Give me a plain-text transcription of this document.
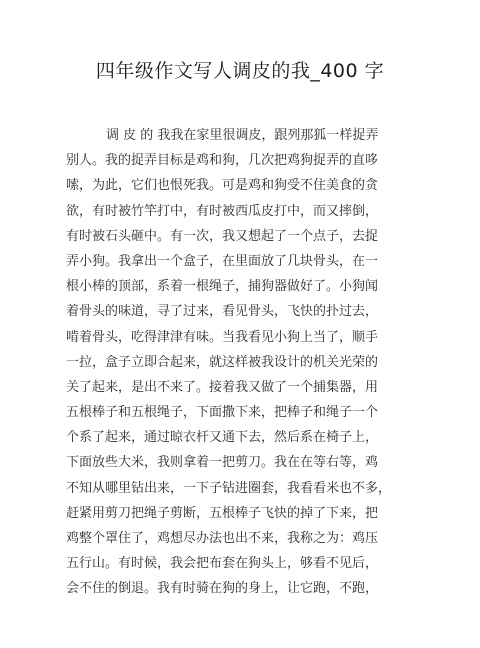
四年级作文写人调皮的我_400 字
调 皮 的 我我在家里很调皮，跟列那狐一样捉弄
别人。我的捉弄目标是鸡和狗，几次把鸡狗捉弄的直哆
嗦，为此，它们也恨死我。可是鸡和狗受不住美食的贪
欲，有时被竹竿打中，有时被西瓜皮打中，而又摔倒，
有时被石头砸中。有一次，我又想起了一个点子，去捉
弄小狗。我拿出一个盒子，在里面放了几块骨头，在一
根小棒的顶部，系着一根绳子，捕狗器做好了。小狗闻
着骨头的味道，寻了过来，看见骨头，飞快的扑过去，
啃着骨头，吃得津津有味。当我看见小狗上当了，顺手
一拉，盒子立即合起来，就这样被我设计的机关光荣的
关了起来，是出不来了。接着我又做了一个捕集器，用
五根棒子和五根绳子，下面撒下来，把棒子和绳子一个
个系了起来，通过晾衣杆又通下去，然后系在椅子上，
下面放些大米，我则拿着一把剪刀。我在在等右等，鸡
不知从哪里钻出来，一下子钻进圈套，我看看米也不多，
赶紧用剪刀把绳子剪断，五根棒子飞快的掉了下来，把
鸡整个罩住了，鸡想尽办法也出不来，我称之为：鸡压
五行山。有时候，我会把布套在狗头上，够看不见后，
会不住的倒退。我有时骑在狗的身上，让它跑，不跑，
